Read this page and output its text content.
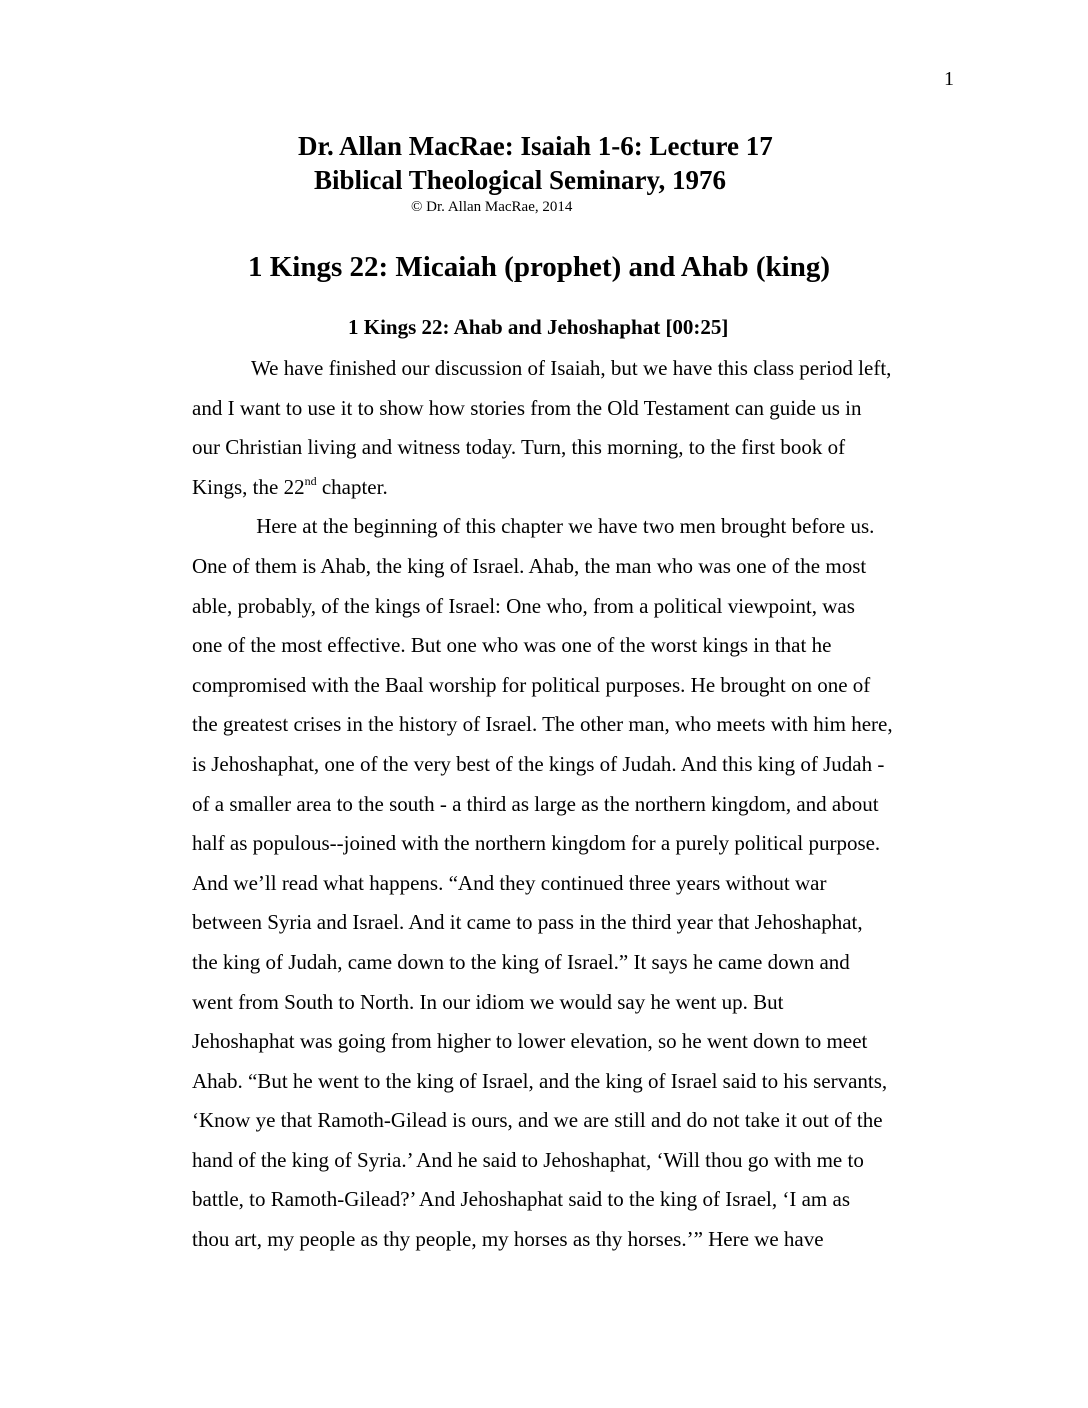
1
Dr. Allan MacRae: Isaiah 1-6: Lecture 17
Biblical Theological Seminary, 1976
© Dr. Allan MacRae, 2014
1 Kings 22: Micaiah (prophet) and Ahab (king)
1 Kings 22: Ahab and Jehoshaphat [00:25]
We have finished our discussion of Isaiah, but we have this class period left,
and I want to use it to show how stories from the Old Testament can guide us in
our Christian living and witness today. Turn, this morning, to the first book of
Kings, the 22nd chapter.
Here at the beginning of this chapter we have two men brought before us.
One of them is Ahab, the king of Israel. Ahab, the man who was one of the most
able, probably, of the kings of Israel: One who, from a political viewpoint, was
one of the most effective. But one who was one of the worst kings in that he
compromised with the Baal worship for political purposes. He brought on one of
the greatest crises in the history of Israel. The other man, who meets with him here,
is Jehoshaphat, one of the very best of the kings of Judah. And this king of Judah -
of a smaller area to the south - a third as large as the northern kingdom, and about
half as populous--joined with the northern kingdom for a purely political purpose.
And we’ll read what happens. “And they continued three years without war
between Syria and Israel. And it came to pass in the third year that Jehoshaphat,
the king of Judah, came down to the king of Israel.” It says he came down and
went from South to North. In our idiom we would say he went up. But
Jehoshaphat was going from higher to lower elevation, so he went down to meet
Ahab. “But he went to the king of Israel, and the king of Israel said to his servants,
‘Know ye that Ramoth-Gilead is ours, and we are still and do not take it out of the
hand of the king of Syria.’ And he said to Jehoshaphat, ‘Will thou go with me to
battle, to Ramoth-Gilead?’ And Jehoshaphat said to the king of Israel, ‘I am as
thou art, my people as thy people, my horses as thy horses.’” Here we have
